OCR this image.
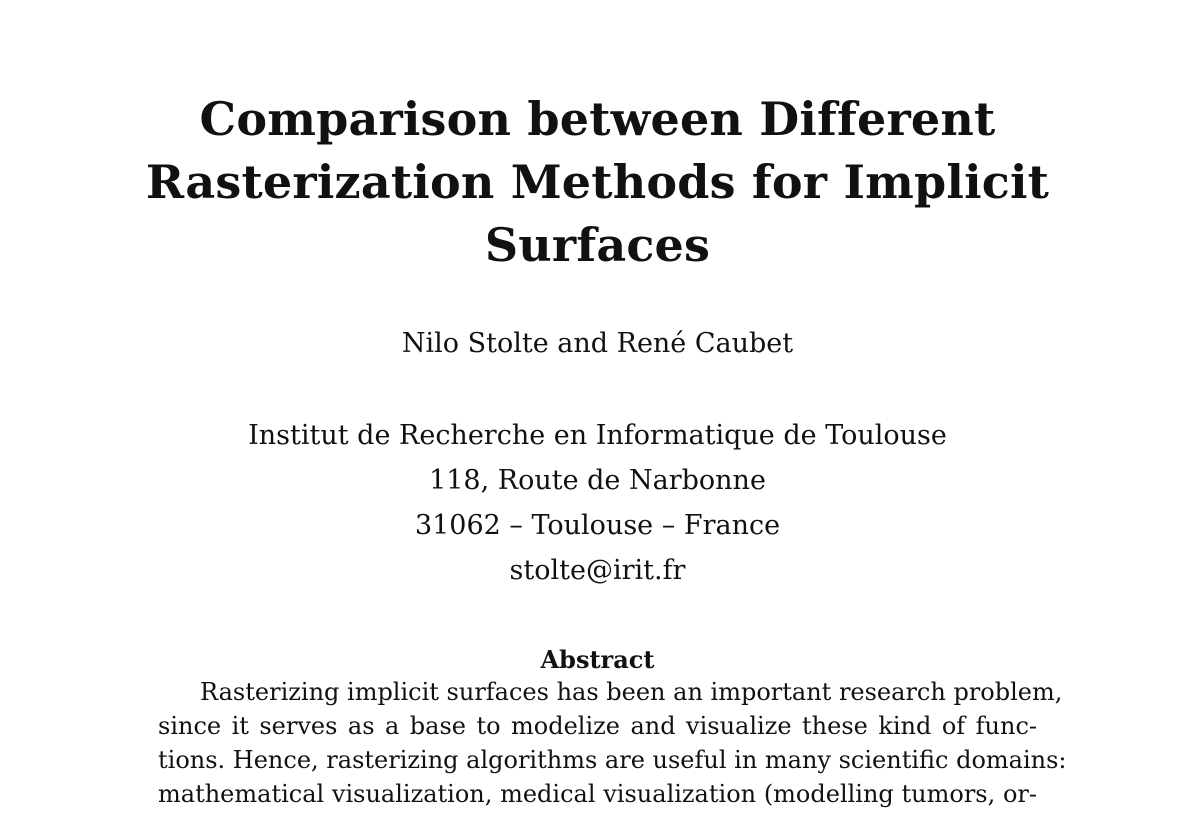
Comparison between Different
Rasterization Methods for Implicit
Surfaces
Nilo Stolte and René Caubet
Institut de Recherche en Informatique de Toulouse
118, Route de Narbonne
31062 – Toulouse – France
stolte@irit.fr
Abstract
Rasterizing implicit surfaces has been an important research problem,
since it serves as a base to modelize and visualize these kind of func-
tions. Hence, rasterizing algorithms are useful in many scientific domains:
mathematical visualization, medical visualization (modelling tumors, or-
